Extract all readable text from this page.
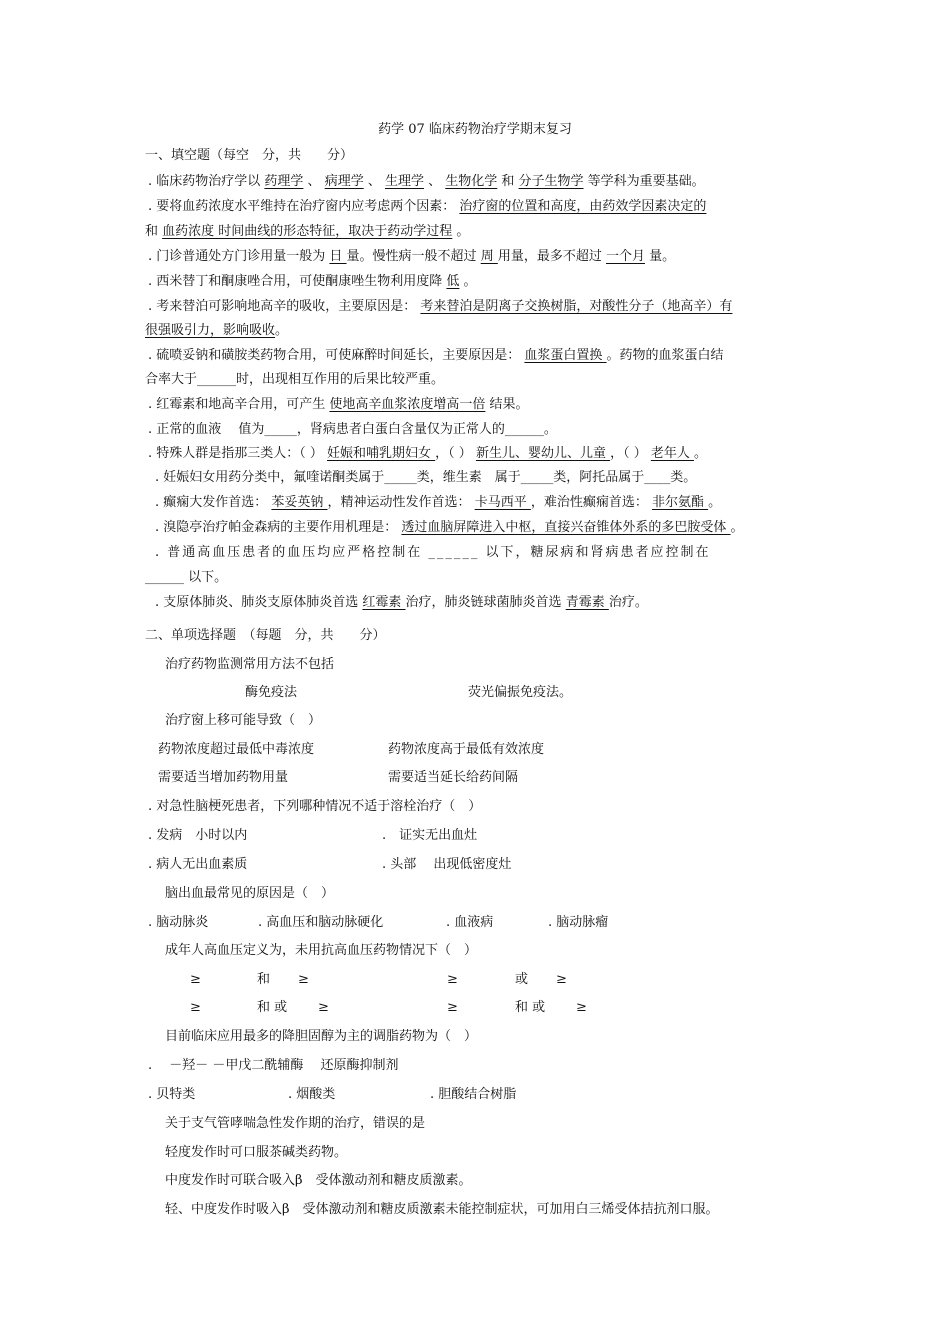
药学 07 临床药物治疗学期末复习
一、填空题（每空　分，共　　分）
. 临床药物治疗学以 药理学 、 病理学 、 生理学 、 生物化学 和 分子生物学 等学科为重要基础。
. 要将血药浓度水平维持在治疗窗内应考虑两个因素： 治疗窗的位置和高度，由药效学因素决定的
和 血药浓度 时间曲线的形态特征，取决于药动学过程 。
. 门诊普通处方门诊用量一般为 日 量。慢性病一般不超过 周 用量，最多不超过 一个月 量。
. 西米替丁和酮康唑合用，可使酮康唑生物利用度降 低 。
. 考来替泊可影响地高辛的吸收，主要原因是： 考来替泊是阴离子交换树脂，对酸性分子（地高辛）有
很强吸引力，影响吸收。
. 硫喷妥钠和磺胺类药物合用，可使麻醉时间延长，主要原因是： 血浆蛋白置换 。药物的血浆蛋白结
合率大于______时，出现相互作用的后果比较严重。
. 红霉素和地高辛合用，可产生 使地高辛血浆浓度增高一倍 结果。
. 正常的血液　 值为_____，肾病患者白蛋白含量仅为正常人的______。
. 特殊人群是指那三类人：（ ） 妊娠和哺乳期妇女 ，（ ） 新生儿、婴幼儿、儿童 ，（ ） 老年人 。
. 妊娠妇女用药分类中，氟喹诺酮类属于_____类，维生素　属于_____类，阿托品属于____类。
. 癫痫大发作首选： 苯妥英钠 ，精神运动性发作首选： 卡马西平 ，难治性癫痫首选： 非尔氨酯 。
. 溴隐亭治疗帕金森病的主要作用机理是： 透过血脑屏障进入中枢，直接兴奋锥体外系的多巴胺受体 。
. 普通高血压患者的血压均应严格控制在 ______ 以下，糖尿病和肾病患者应控制在
______ 以下。
. 支原体肺炎、肺炎支原体肺炎首选 红霉素 治疗，肺炎链球菌肺炎首选 青霉素 治疗。
二、单项选择题　（每题　分，共　　分）
治疗药物监测常用方法不包括
酶免疫法	荧光偏振免疫法。
治疗窗上移可能导致（　）
药物浓度超过最低中毒浓度	药物浓度高于最低有效浓度
需要适当增加药物用量	需要适当延长给药间隔
. 对急性脑梗死患者，下列哪种情况不适于溶栓治疗（　）
. 发病　小时以内	.　证实无出血灶
. 病人无出血素质	. 头部　 出现低密度灶
脑出血最常见的原因是（　）
. 脑动脉炎	. 高血压和脑动脉硬化	. 血液病	. 脑动脉瘤
成年人高血压定义为，未用抗高血压药物情况下（　）
≥	和 ≥	≥	或 ≥
≥	和 或 ≥	≥	和 或 ≥
目前临床应用最多的降胆固醇为主的调脂药物为（　）
.　 －羟－ －甲戊二酰辅酶　 还原酶抑制剂
. 贝特类	. 烟酸类	. 胆酸结合树脂
关于支气管哮喘急性发作期的治疗，错误的是
轻度发作时可口服茶碱类药物。
中度发作时可联合吸入β　受体激动剂和糖皮质激素。
轻、中度发作时吸入β　受体激动剂和糖皮质激素未能控制症状，可加用白三烯受体拮抗剂口服。
